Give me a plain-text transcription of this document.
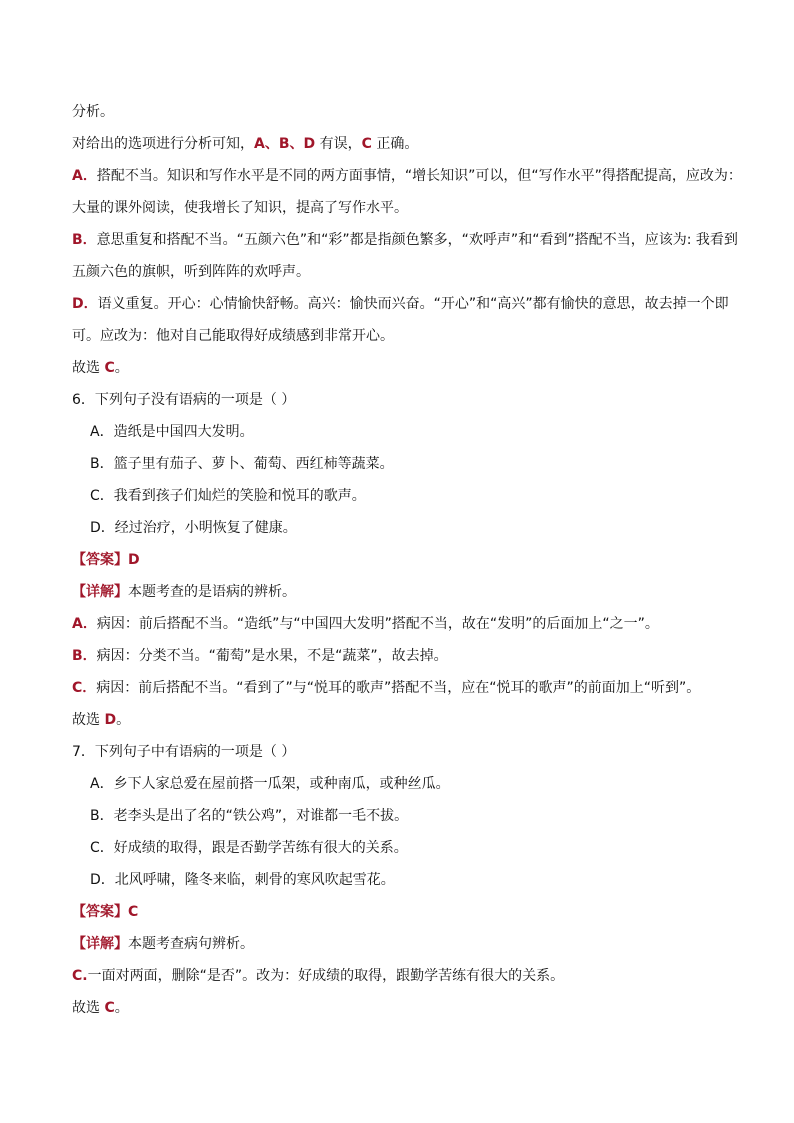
分析。
对给出的选项进行分析可知，A、B、D 有误，C 正确。
A．搭配不当。知识和写作水平是不同的两方面事情，“增长知识”可以，但“写作水平”得搭配提高，应改为：
大量的课外阅读，使我增长了知识，提高了写作水平。
B．意思重复和搭配不当。“五颜六色”和“彩”都是指颜色繁多，“欢呼声”和“看到”搭配不当，应该为: 我看到
五颜六色的旗帜，听到阵阵的欢呼声。
D．语义重复。开心：心情愉快舒畅。高兴：愉快而兴奋。“开心”和“高兴”都有愉快的意思，故去掉一个即
可。应改为：他对自己能取得好成绩感到非常开心。
故选 C。
6．下列句子没有语病的一项是（ ）
A．造纸是中国四大发明。
B．篮子里有茄子、萝卜、葡萄、西红柿等蔬菜。
C．我看到孩子们灿烂的笑脸和悦耳的歌声。
D．经过治疗，小明恢复了健康。
【答案】D
【详解】本题考查的是语病的辨析。
A．病因：前后搭配不当。“造纸”与“中国四大发明”搭配不当，故在“发明”的后面加上“之一”。
B．病因：分类不当。“葡萄”是水果，不是“蔬菜”，故去掉。
C．病因：前后搭配不当。“看到了”与“悦耳的歌声”搭配不当，应在“悦耳的歌声”的前面加上“听到”。
故选 D。
7．下列句子中有语病的一项是（ ）
A．乡下人家总爱在屋前搭一瓜架，或种南瓜，或种丝瓜。
B．老李头是出了名的“铁公鸡”，对谁都一毛不拔。
C．好成绩的取得，跟是否勤学苦练有很大的关系。
D．北风呼啸，隆冬来临，刺骨的寒风吹起雪花。
【答案】C
【详解】本题考查病句辨析。
C.一面对两面，删除“是否”。改为：好成绩的取得，跟勤学苦练有很大的关系。
故选 C。
